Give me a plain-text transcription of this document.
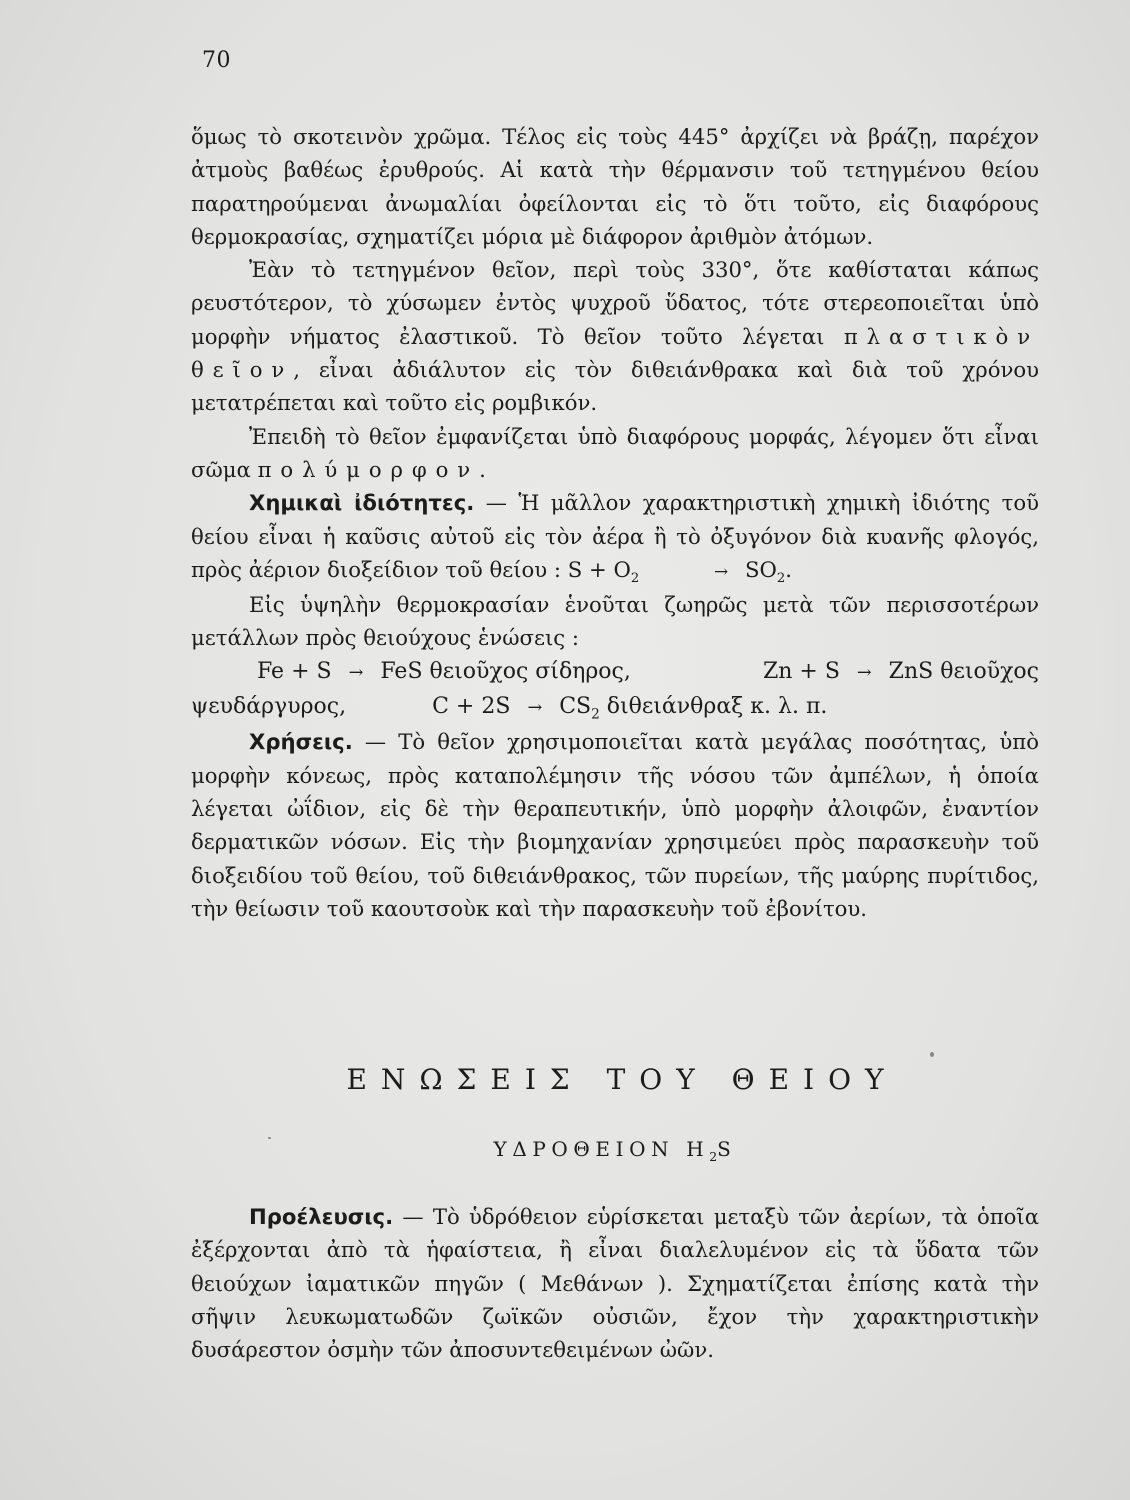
70

ὅμως τὸ σκοτεινὸν χρῶμα. Τέλος εἰς τοὺς 445° ἀρχίζει νὰ βράζῃ, παρέχον ἀτμοὺς βαθέως ἐρυθρούς. Αἱ κατὰ τὴν θέρμανσιν τοῦ τετηγμένου θείου παρατηρούμεναι ἀνωμαλίαι ὀφείλονται εἰς τὸ ὅτι τοῦτο, εἰς διαφόρους θερμοκρασίας, σχηματίζει μόρια μὲ διάφορον ἀριθμὸν ἀτόμων.

Ἐὰν τὸ τετηγμένον θεῖον, περὶ τοὺς 330°, ὅτε καθίσταται κάπως ρευστότερον, τὸ χύσωμεν ἐντὸς ψυχροῦ ὕδατος, τότε στερεοποιεῖται ὑπὸ μορφὴν νήματος ἐλαστικοῦ. Τὸ θεῖον τοῦτο λέγεται πλαστικὸν θεῖον, εἶναι ἀδιάλυτον εἰς τὸν διθειάνθρακα καὶ διὰ τοῦ χρόνου μετατρέπεται καὶ τοῦτο εἰς ρομβικόν.

Ἐπειδὴ τὸ θεῖον ἐμφανίζεται ὑπὸ διαφόρους μορφάς, λέγομεν ὅτι εἶναι σῶμα πολύμορφον.

Χημικαὶ ἰδιότητες. — Ἡ μᾶλλον χαρακτηριστικὴ χημικὴ ἰδιότης τοῦ θείου εἶναι ἡ καῦσις αὐτοῦ εἰς τὸν ἀέρα ἢ τὸ ὀξυγόνον διὰ κυανῆς φλογός, πρὸς ἀέριον διοξείδιον τοῦ θείου : $S + O_2$	→ $SO_2$.

Εἰς ὑψηλὴν θερμοκρασίαν ἑνοῦται ζωηρῶς μετὰ τῶν περισσοτέρων μετάλλων πρὸς θειούχους ἑνώσεις :

Fe + S → FeS θειοῦχος σίδηρος,	Zn + S → ZnS θειοῦχος
ψευδάργυρος,	$C + 2S \to CS_2$ διθειάνθραξ κ. λ. π.

Χρήσεις. — Τὸ θεῖον χρησιμοποιεῖται κατὰ μεγάλας ποσότητας, ὑπὸ μορφὴν κόνεως, πρὸς καταπολέμησιν τῆς νόσου τῶν ἀμπέλων, ἡ ὁποία λέγεται ὠΐδιον, εἰς δὲ τὴν θεραπευτικήν, ὑπὸ μορφὴν ἀλοιφῶν, ἐναντίον δερματικῶν νόσων. Εἰς τὴν βιομηχανίαν χρησιμεύει πρὸς παρασκευὴν τοῦ διοξειδίου τοῦ θείου, τοῦ διθειάνθρακος, τῶν πυρείων, τῆς μαύρης πυρίτιδος, τὴν θείωσιν τοῦ καουτσοὺκ καὶ τὴν παρασκευὴν τοῦ ἐβονίτου.

ΕΝΩΣΕΙΣ ΤΟΥ ΘΕΙΟΥ
ΥΔΡΟΘΕΙΟΝ $H_2S$

Προέλευσις. — Τὸ ὑδρόθειον εὑρίσκεται μεταξὺ τῶν ἀερίων, τὰ ὁποῖα ἐξέρχονται ἀπὸ τὰ ἡφαίστεια, ἢ εἶναι διαλελυμένον εἰς τὰ ὕδατα τῶν θειούχων ἰαματικῶν πηγῶν ( Μεθάνων ). Σχηματίζεται ἐπίσης κατὰ τὴν σῆψιν λευκωματωδῶν ζωϊκῶν οὐσιῶν, ἔχον τὴν χαρακτηριστικὴν δυσάρεστον ὀσμὴν τῶν ἀποσυντεθειμένων ὠῶν.
